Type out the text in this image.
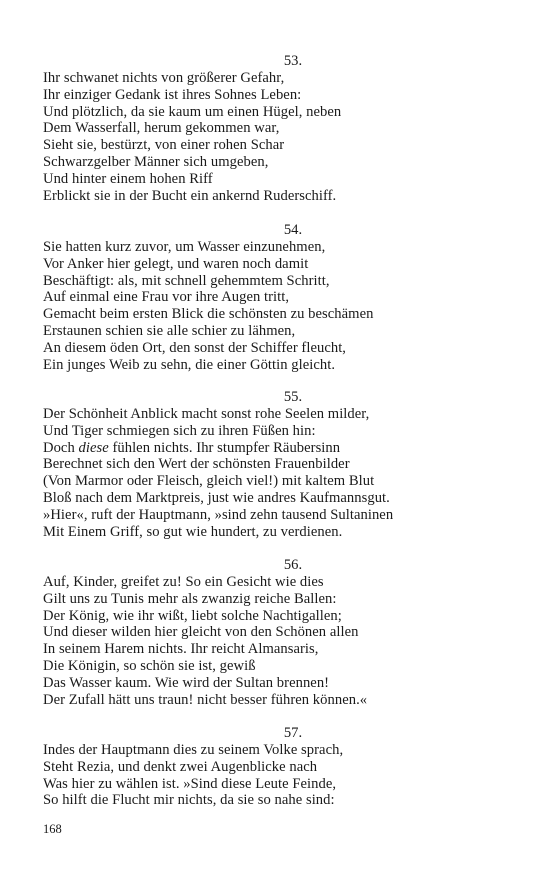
53.
Ihr schwanet nichts von größerer Gefahr,
Ihr einziger Gedank ist ihres Sohnes Leben:
Und plötzlich, da sie kaum um einen Hügel, neben
Dem Wasserfall, herum gekommen war,
Sieht sie, bestürzt, von einer rohen Schar
Schwarzgelber Männer sich umgeben,
Und hinter einem hohen Riff
Erblickt sie in der Bucht ein ankernd Ruderschiff.
54.
Sie hatten kurz zuvor, um Wasser einzunehmen,
Vor Anker hier gelegt, und waren noch damit
Beschäftigt: als, mit schnell gehemmtem Schritt,
Auf einmal eine Frau vor ihre Augen tritt,
Gemacht beim ersten Blick die schönsten zu beschämen
Erstaunen schien sie alle schier zu lähmen,
An diesem öden Ort, den sonst der Schiffer fleucht,
Ein junges Weib zu sehn, die einer Göttin gleicht.
55.
Der Schönheit Anblick macht sonst rohe Seelen milder,
Und Tiger schmiegen sich zu ihren Füßen hin:
Doch diese fühlen nichts. Ihr stumpfer Räubersinn
Berechnet sich den Wert der schönsten Frauenbilder
(Von Marmor oder Fleisch, gleich viel!) mit kaltem Blut
Bloß nach dem Marktpreis, just wie andres Kaufmannsgut.
»Hier«, ruft der Hauptmann, »sind zehn tausend Sultaninen
Mit Einem Griff, so gut wie hundert, zu verdienen.
56.
Auf, Kinder, greifet zu! So ein Gesicht wie dies
Gilt uns zu Tunis mehr als zwanzig reiche Ballen:
Der König, wie ihr wißt, liebt solche Nachtigallen;
Und dieser wilden hier gleicht von den Schönen allen
In seinem Harem nichts. Ihr reicht Almansaris,
Die Königin, so schön sie ist, gewiß
Das Wasser kaum. Wie wird der Sultan brennen!
Der Zufall hätt uns traun! nicht besser führen können.«
57.
Indes der Hauptmann dies zu seinem Volke sprach,
Steht Rezia, und denkt zwei Augenblicke nach
Was hier zu wählen ist. »Sind diese Leute Feinde,
So hilft die Flucht mir nichts, da sie so nahe sind:
168
